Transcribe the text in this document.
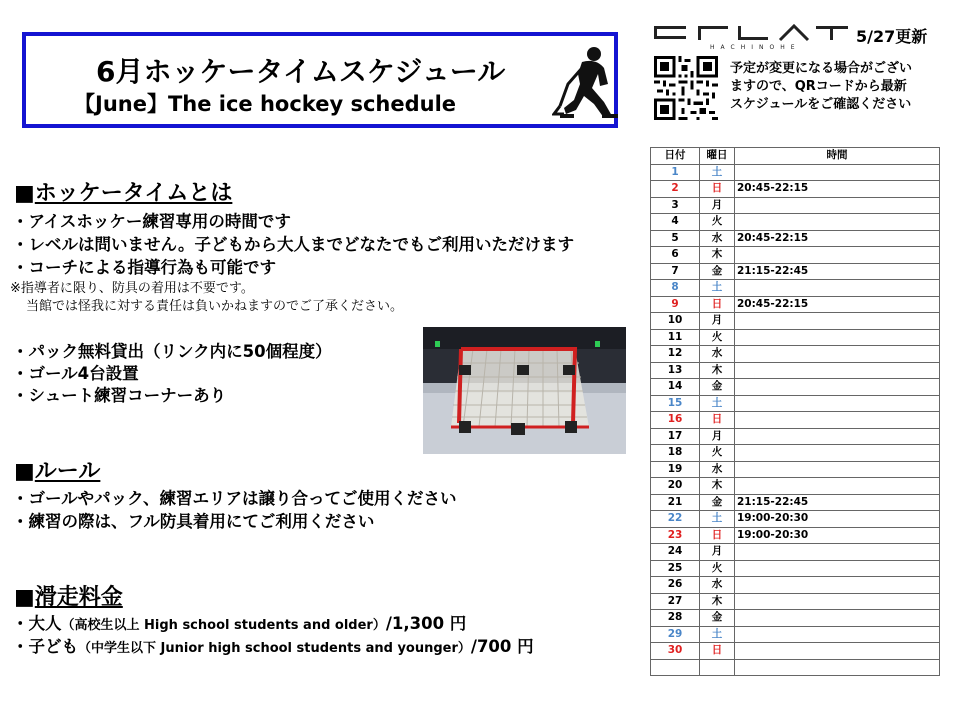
6月ホッケータイムスケジュール
【June】The ice hockey schedule
HACHINOHE
5/27更新
予定が変更になる場合がござい
ますので、QRコードから最新
スケジュールをご確認ください
■ホッケータイムとは
・アイスホッケー練習専用の時間です
・レベルは問いません。子どもから大人までどなたでもご利用いただけます
・コーチによる指導行為も可能です
※指導者に限り、防具の着用は不要です。
当館では怪我に対する責任は負いかねますのでご了承ください。
・パック無料貸出（リンク内に50個程度）
・ゴール4台設置
・シュート練習コーナーあり
■ルール
・ゴールやパック、練習エリアは譲り合ってご使用ください
・練習の際は、フル防具着用にてご利用ください
■滑走料金
・大人（高校生以上 High school students and older）/1,300 円
・子ども（中学生以下 Junior high school students and younger）/700 円
日付	曜日	時間
1	土	
2	日	20:45-22:15
3	月	
4	火	
5	水	20:45-22:15
6	木	
7	金	21:15-22:45
8	土	
9	日	20:45-22:15
10	月	
11	火	
12	水	
13	木	
14	金	
15	土	
16	日	
17	月	
18	火	
19	水	
20	木	
21	金	21:15-22:45
22	土	19:00-20:30
23	日	19:00-20:30
24	月	
25	火	
26	水	
27	木	
28	金	
29	土	
30	日	
